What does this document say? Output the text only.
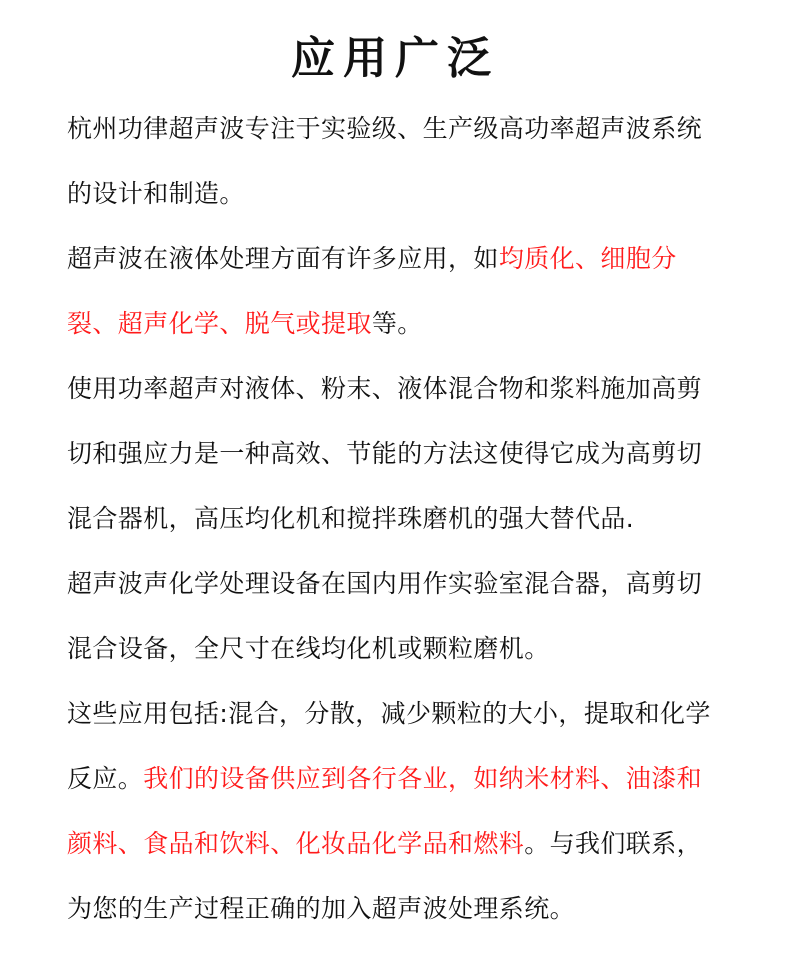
应用广泛

杭州功律超声波专注于实验级、生产级高功率超声波系统的设计和制造。

超声波在液体处理方面有许多应用，如均质化、细胞分裂、超声化学、脱气或提取等。

使用功率超声对液体、粉末、液体混合物和浆料施加高剪切和强应力是一种高效、节能的方法这使得它成为高剪切混合器机，高压均化机和搅拌珠磨机的强大替代品.

超声波声化学处理设备在国内用作实验室混合器，高剪切混合设备，全尺寸在线均化机或颗粒磨机。

这些应用包括:混合，分散，减少颗粒的大小，提取和化学反应。我们的设备供应到各行各业，如纳米材料、油漆和颜料、食品和饮料、化妆品化学品和燃料。与我们联系，为您的生产过程正确的加入超声波处理系统。
